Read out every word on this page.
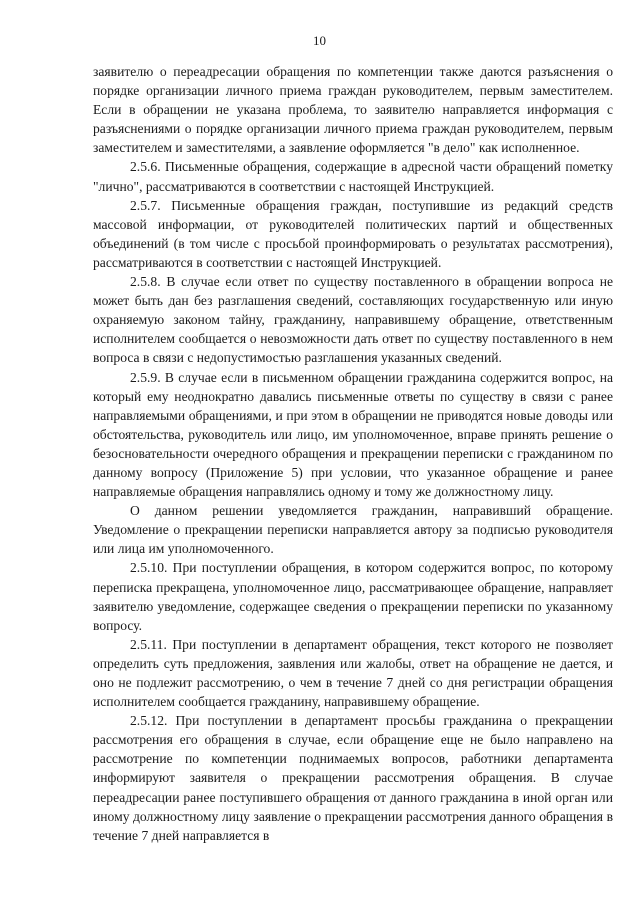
10

заявителю о переадресации обращения по компетенции также даются разъяснения о порядке организации личного приема граждан руководителем, первым заместителем. Если в обращении не указана проблема, то заявителю направляется информация с разъяснениями о порядке организации личного приема граждан руководителем, первым заместителем и заместителями, а заявление оформляется "в дело" как исполненное.

2.5.6. Письменные обращения, содержащие в адресной части обращений пометку "лично", рассматриваются в соответствии с настоящей Инструкцией.

2.5.7. Письменные обращения граждан, поступившие из редакций средств массовой информации, от руководителей политических партий и общественных объединений (в том числе с просьбой проинформировать о результатах рассмотрения), рассматриваются в соответствии с настоящей Инструкцией.

2.5.8. В случае если ответ по существу поставленного в обращении вопроса не может быть дан без разглашения сведений, составляющих государственную или иную охраняемую законом тайну, гражданину, направившему обращение, ответственным исполнителем сообщается о невозможности дать ответ по существу поставленного в нем вопроса в связи с недопустимостью разглашения указанных сведений.

2.5.9. В случае если в письменном обращении гражданина содержится вопрос, на который ему неоднократно давались письменные ответы по существу в связи с ранее направляемыми обращениями, и при этом в обращении не приводятся новые доводы или обстоятельства, руководитель или лицо, им уполномоченное, вправе принять решение о безосновательности очередного обращения и прекращении переписки с гражданином по данному вопросу (Приложение 5) при условии, что указанное обращение и ранее направляемые обращения направлялись одному и тому же должностному лицу.

О данном решении уведомляется гражданин, направивший обращение. Уведомление о прекращении переписки направляется автору за подписью руководителя или лица им уполномоченного.

2.5.10. При поступлении обращения, в котором содержится вопрос, по которому переписка прекращена, уполномоченное лицо, рассматривающее обращение, направляет заявителю уведомление, содержащее сведения о прекращении переписки по указанному вопросу.

2.5.11. При поступлении в департамент обращения, текст которого не позволяет определить суть предложения, заявления или жалобы, ответ на обращение не дается, и оно не подлежит рассмотрению, о чем в течение 7 дней со дня регистрации обращения исполнителем сообщается гражданину, направившему обращение.

2.5.12. При поступлении в департамент просьбы гражданина о прекращении рассмотрения его обращения в случае, если обращение еще не было направлено на рассмотрение по компетенции поднимаемых вопросов, работники департамента информируют заявителя о прекращении рассмотрения обращения. В случае переадресации ранее поступившего обращения от данного гражданина в иной орган или иному должностному лицу заявление о прекращении рассмотрения данного обращения в течение 7 дней направляется в
